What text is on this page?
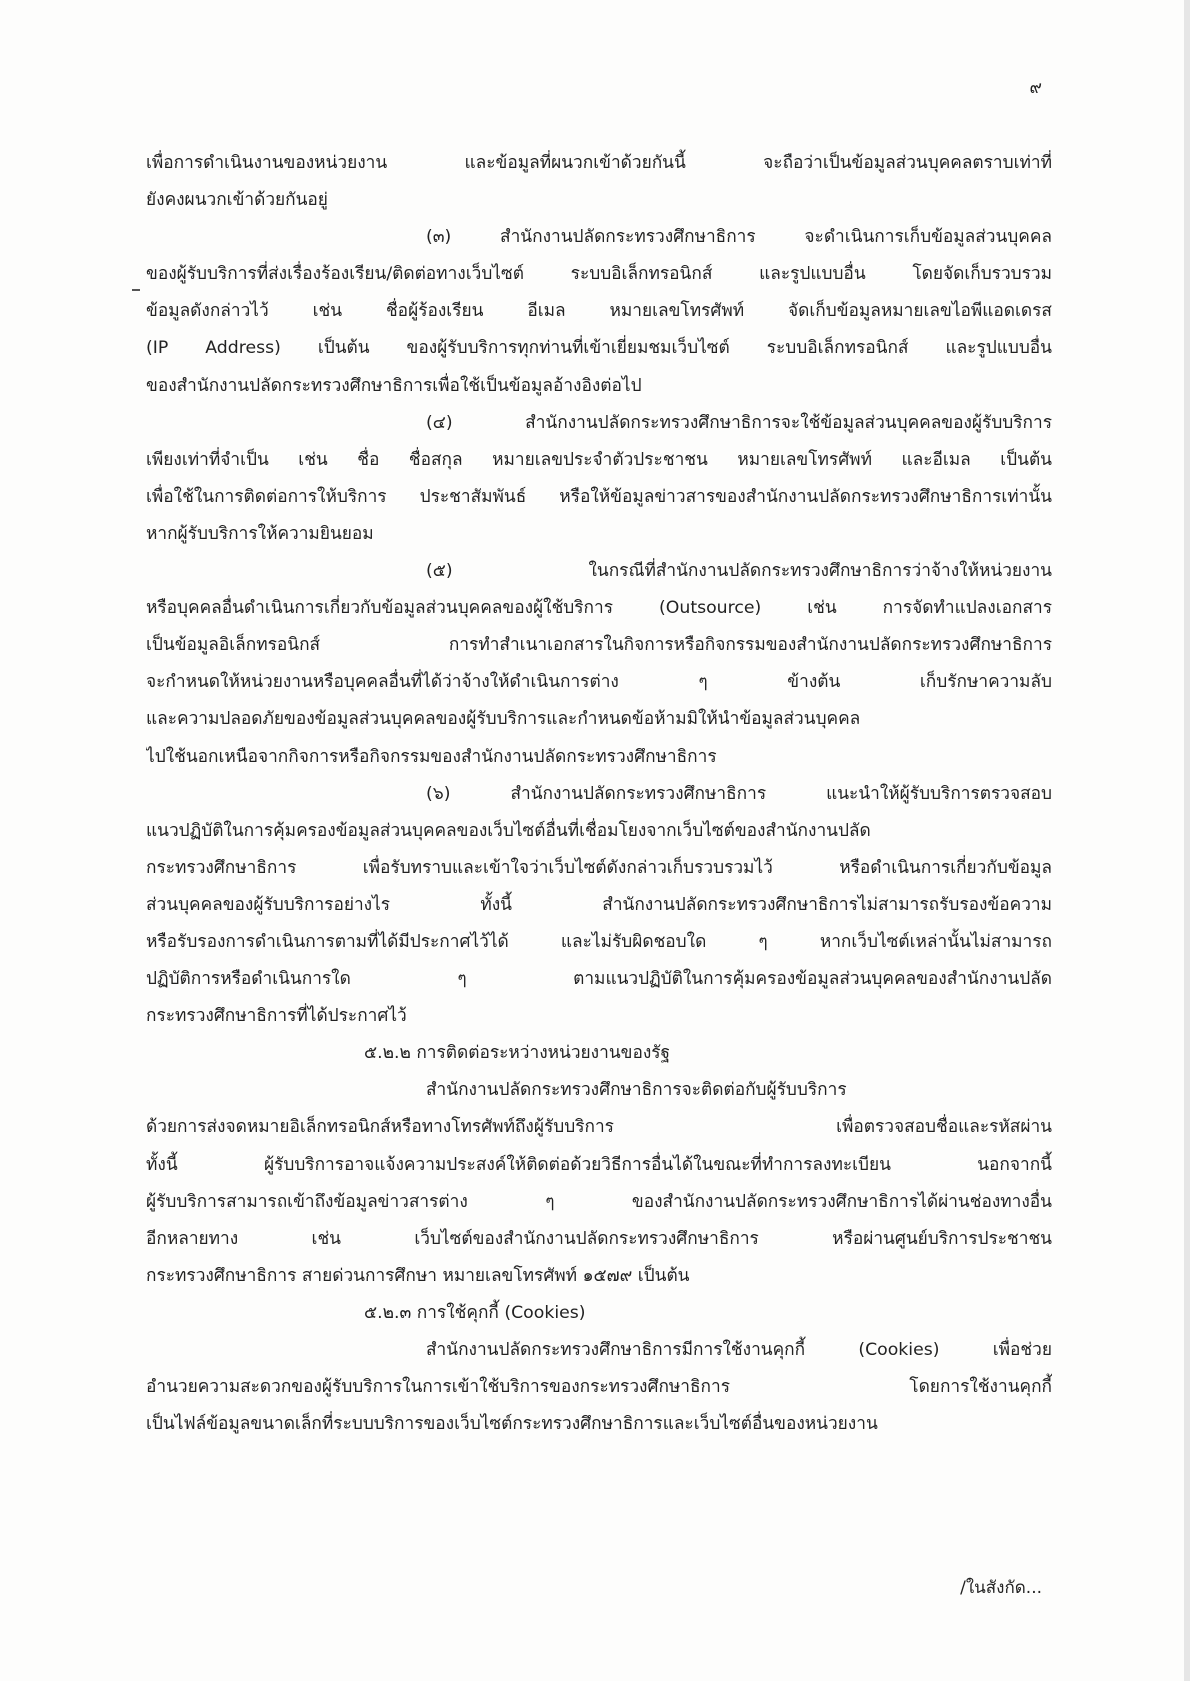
๙

เพื่อการดำเนินงานของหน่วยงาน และข้อมูลที่ผนวกเข้าด้วยกันนี้ จะถือว่าเป็นข้อมูลส่วนบุคคลตราบเท่าที่

ยังคงผนวกเข้าด้วยกันอยู่

(๓) สำนักงานปลัดกระทรวงศึกษาธิการ จะดำเนินการเก็บข้อมูลส่วนบุคคล

ของผู้รับบริการที่ส่งเรื่องร้องเรียน/ติดต่อทางเว็บไซต์ ระบบอิเล็กทรอนิกส์ และรูปแบบอื่น โดยจัดเก็บรวบรวม

ข้อมูลดังกล่าวไว้ เช่น ชื่อผู้ร้องเรียน อีเมล หมายเลขโทรศัพท์ จัดเก็บข้อมูลหมายเลขไอพีแอดเดรส

(IP Address) เป็นต้น ของผู้รับบริการทุกท่านที่เข้าเยี่ยมชมเว็บไซต์ ระบบอิเล็กทรอนิกส์ และรูปแบบอื่น

ของสำนักงานปลัดกระทรวงศึกษาธิการเพื่อใช้เป็นข้อมูลอ้างอิงต่อไป

(๔) สำนักงานปลัดกระทรวงศึกษาธิการจะใช้ข้อมูลส่วนบุคคลของผู้รับบริการ

เพียงเท่าที่จำเป็น เช่น ชื่อ ชื่อสกุล หมายเลขประจำตัวประชาชน หมายเลขโทรศัพท์ และอีเมล เป็นต้น

เพื่อใช้ในการติดต่อการให้บริการ ประชาสัมพันธ์ หรือให้ข้อมูลข่าวสารของสำนักงานปลัดกระทรวงศึกษาธิการเท่านั้น

หากผู้รับบริการให้ความยินยอม

(๕) ในกรณีที่สำนักงานปลัดกระทรวงศึกษาธิการว่าจ้างให้หน่วยงาน

หรือบุคคลอื่นดำเนินการเกี่ยวกับข้อมูลส่วนบุคคลของผู้ใช้บริการ (Outsource) เช่น การจัดทำแปลงเอกสาร

เป็นข้อมูลอิเล็กทรอนิกส์ การทำสำเนาเอกสารในกิจการหรือกิจกรรมของสำนักงานปลัดกระทรวงศึกษาธิการ

จะกำหนดให้หน่วยงานหรือบุคคลอื่นที่ได้ว่าจ้างให้ดำเนินการต่าง ๆ ข้างต้น เก็บรักษาความลับ

และความปลอดภัยของข้อมูลส่วนบุคคลของผู้รับบริการและกำหนดข้อห้ามมิให้นำข้อมูลส่วนบุคคล

ไปใช้นอกเหนือจากกิจการหรือกิจกรรมของสำนักงานปลัดกระทรวงศึกษาธิการ

(๖) สำนักงานปลัดกระทรวงศึกษาธิการ แนะนำให้ผู้รับบริการตรวจสอบ

แนวปฏิบัติในการคุ้มครองข้อมูลส่วนบุคคลของเว็บไซต์อื่นที่เชื่อมโยงจากเว็บไซต์ของสำนักงานปลัด

กระทรวงศึกษาธิการ เพื่อรับทราบและเข้าใจว่าเว็บไซต์ดังกล่าวเก็บรวบรวมไว้ หรือดำเนินการเกี่ยวกับข้อมูล

ส่วนบุคคลของผู้รับบริการอย่างไร ทั้งนี้ สำนักงานปลัดกระทรวงศึกษาธิการไม่สามารถรับรองข้อความ

หรือรับรองการดำเนินการตามที่ได้มีประกาศไว้ได้ และไม่รับผิดชอบใด ๆ หากเว็บไซต์เหล่านั้นไม่สามารถ

ปฏิบัติการหรือดำเนินการใด ๆ ตามแนวปฏิบัติในการคุ้มครองข้อมูลส่วนบุคคลของสำนักงานปลัด

กระทรวงศึกษาธิการที่ได้ประกาศไว้

๕.๒.๒ การติดต่อระหว่างหน่วยงานของรัฐ

สำนักงานปลัดกระทรวงศึกษาธิการจะติดต่อกับผู้รับบริการ

ด้วยการส่งจดหมายอิเล็กทรอนิกส์หรือทางโทรศัพท์ถึงผู้รับบริการ เพื่อตรวจสอบชื่อและรหัสผ่าน

ทั้งนี้ ผู้รับบริการอาจแจ้งความประสงค์ให้ติดต่อด้วยวิธีการอื่นได้ในขณะที่ทำการลงทะเบียน นอกจากนี้

ผู้รับบริการสามารถเข้าถึงข้อมูลข่าวสารต่าง ๆ ของสำนักงานปลัดกระทรวงศึกษาธิการได้ผ่านช่องทางอื่น

อีกหลายทาง เช่น เว็บไซต์ของสำนักงานปลัดกระทรวงศึกษาธิการ หรือผ่านศูนย์บริการประชาชน

กระทรวงศึกษาธิการ สายด่วนการศึกษา หมายเลขโทรศัพท์ ๑๕๗๙ เป็นต้น

๕.๒.๓ การใช้คุกกี้ (Cookies)

สำนักงานปลัดกระทรวงศึกษาธิการมีการใช้งานคุกกี้ (Cookies) เพื่อช่วย

อำนวยความสะดวกของผู้รับบริการในการเข้าใช้บริการของกระทรวงศึกษาธิการ โดยการใช้งานคุกกี้

เป็นไฟล์ข้อมูลขนาดเล็กที่ระบบบริการของเว็บไซต์กระทรวงศึกษาธิการและเว็บไซต์อื่นของหน่วยงาน

/ในสังกัด...
